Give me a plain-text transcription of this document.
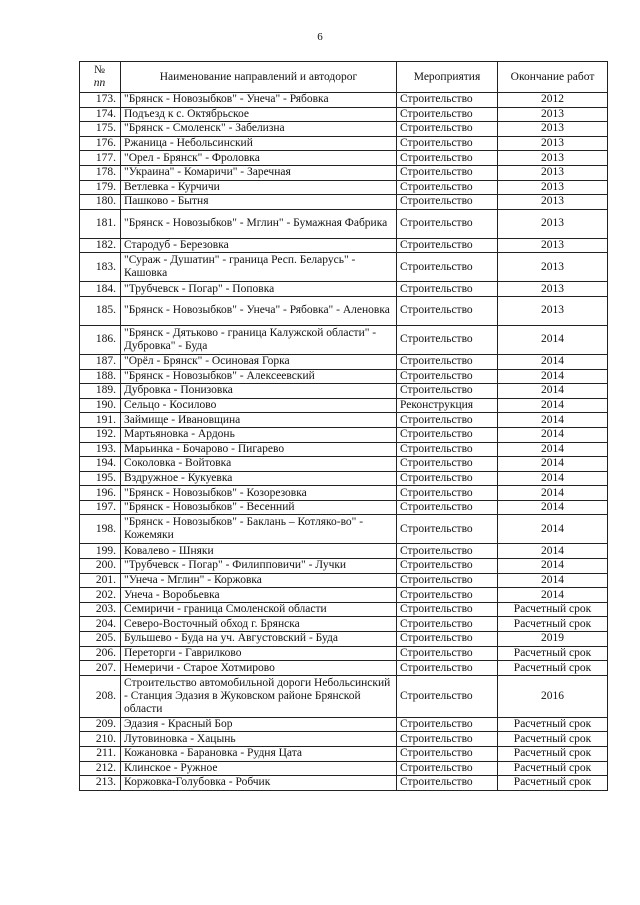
6
№
пп	Наименование направлений и автодорог	Мероприятия	Окончание работ
173.	"Брянск - Новозыбков" - Унеча" - Рябовка	Строительство	2012
174.	Подъезд к с. Октябрьское	Строительство	2013
175.	"Брянск - Смоленск" - Забелизна	Строительство	2013
176.	Ржаница - Небольсинский	Строительство	2013
177.	"Орел - Брянск" - Фроловка	Строительство	2013
178.	"Украина" - Комаричи" - Заречная	Строительство	2013
179.	Ветлевка - Курчичи	Строительство	2013
180.	Пашково - Бытня	Строительство	2013
181.	"Брянск - Новозыбков" - Мглин" - Бумажная Фабрика	Строительство	2013
182.	Стародуб - Березовка	Строительство	2013
183.	"Сураж - Душатин" - граница Респ. Беларусь" - Кашовка	Строительство	2013
184.	"Трубчевск - Погар" - Поповка	Строительство	2013
185.	"Брянск - Новозыбков" - Унеча" - Рябовка" - Аленовка	Строительство	2013
186.	"Брянск - Дятьково - граница Калужской области" - Дубровка" - Буда	Строительство	2014
187.	"Орёл - Брянск" - Осиновая Горка	Строительство	2014
188.	"Брянск - Новозыбков" - Алексеевский	Строительство	2014
189.	Дубровка - Понизовка	Строительство	2014
190.	Сельцо - Косилово	Реконструкция	2014
191.	Займище - Ивановщина	Строительство	2014
192.	Мартьяновка - Ардонь	Строительство	2014
193.	Марьинка - Бочарово - Пигарево	Строительство	2014
194.	Соколовка - Войтовка	Строительство	2014
195.	Вздружное - Кукуевка	Строительство	2014
196.	"Брянск - Новозыбков" - Козорезовка	Строительство	2014
197.	"Брянск - Новозыбков" - Весенний	Строительство	2014
198.	"Брянск - Новозыбков" - Баклань – Котляко-во" - Кожемяки	Строительство	2014
199.	Ковалево - Шняки	Строительство	2014
200.	"Трубчевск - Погар" - Филипповичи" - Лучки	Строительство	2014
201.	"Унеча - Мглин" - Коржовка	Строительство	2014
202.	Унеча - Воробьевка	Строительство	2014
203.	Семиричи - граница Смоленской области	Строительство	Расчетный срок
204.	Северо-Восточный обход г. Брянска	Строительство	Расчетный срок
205.	Бульшево - Буда на уч. Августовский - Буда	Строительство	2019
206.	Переторги - Гаврилково	Строительство	Расчетный срок
207.	Немеричи - Старое Хотмирово	Строительство	Расчетный срок
208.	Строительство автомобильной дороги Небольсинский - Станция Эдазия в Жуковском районе Брянской области	Строительство	2016
209.	Эдазия - Красный Бор	Строительство	Расчетный срок
210.	Лутовиновка - Хацынь	Строительство	Расчетный срок
211.	Кожановка - Барановка - Рудня Цата	Строительство	Расчетный срок
212.	Клинское - Ружное	Строительство	Расчетный срок
213.	Коржовка-Голубовка - Робчик	Строительство	Расчетный срок
